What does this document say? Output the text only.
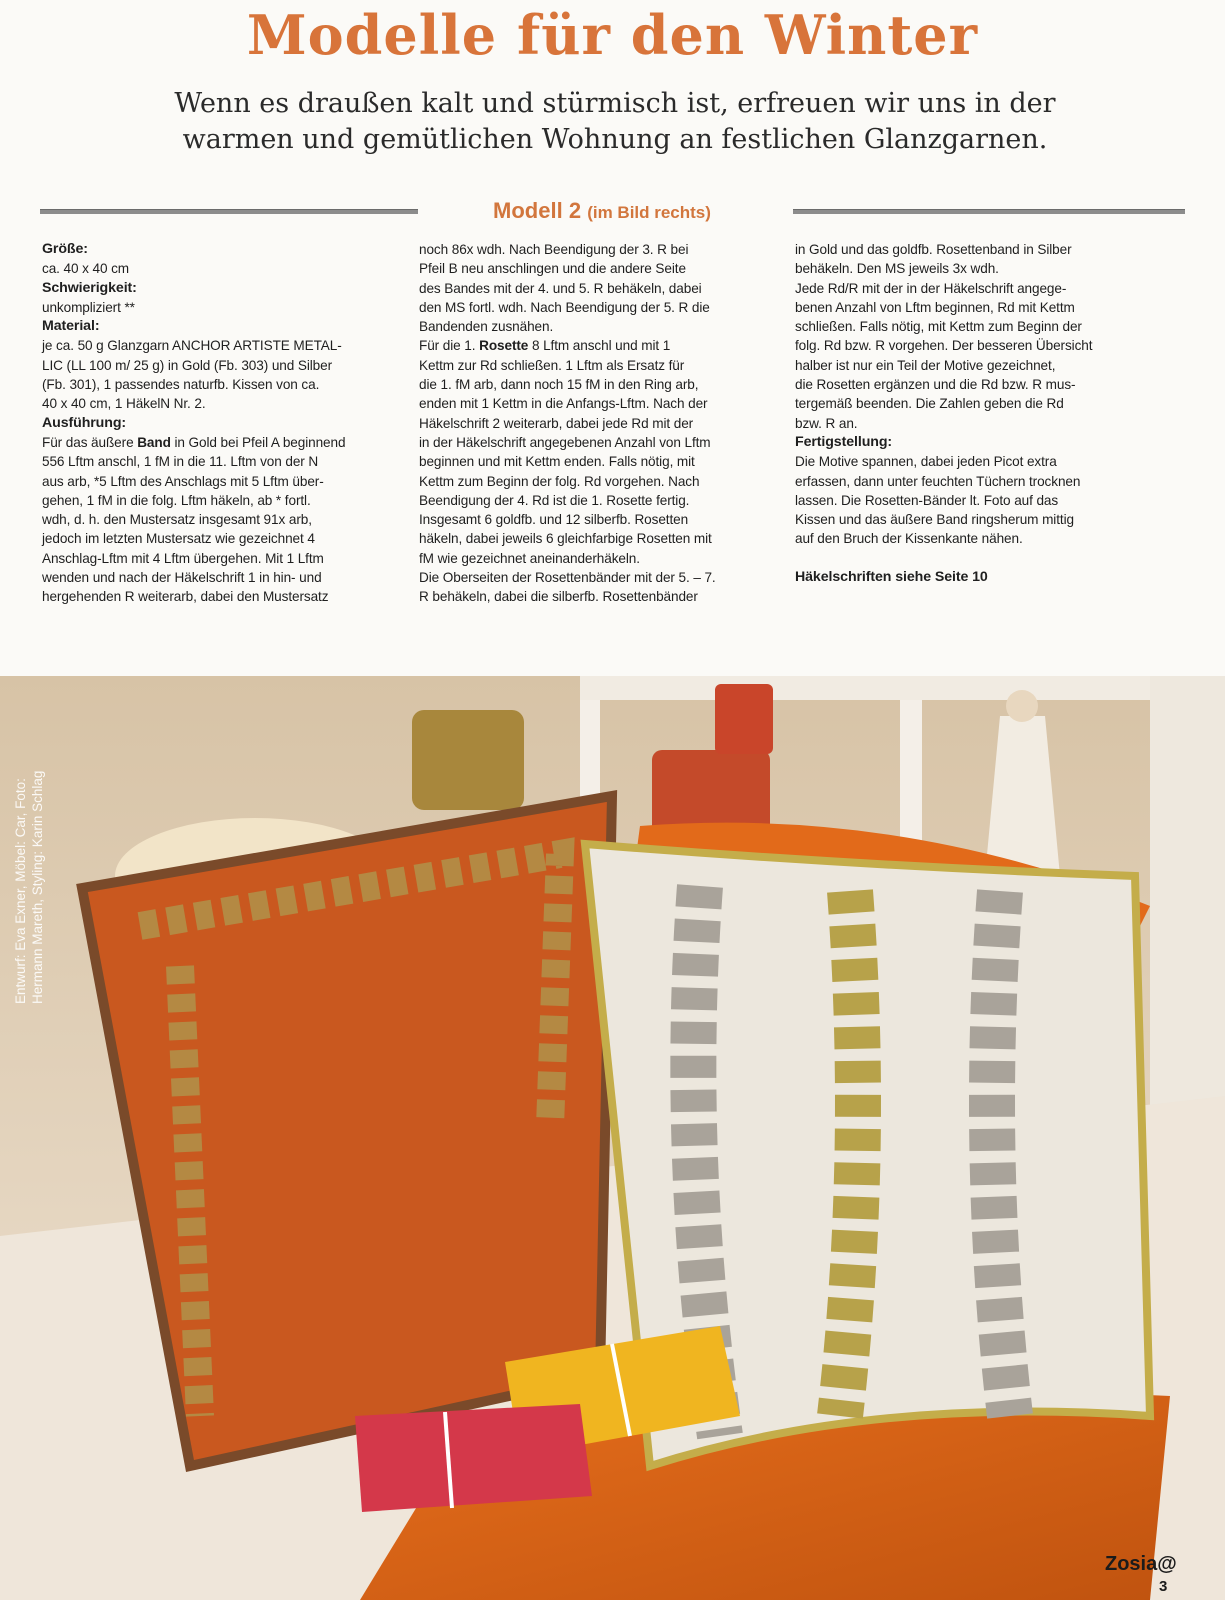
Modelle für den Winter
Wenn es draußen kalt und stürmisch ist, erfreuen wir uns in der
warmen und gemütlichen Wohnung an festlichen Glanzgarnen.
Modell 2 (im Bild rechts)

Größe:

ca. 40 x 40 cm

Schwierigkeit:

unkompliziert **

Material:

je ca. 50 g Glanzgarn ANCHOR ARTISTE METAL-

LIC (LL 100 m/ 25 g) in Gold (Fb. 303) und Silber

(Fb. 301), 1 passendes naturfb. Kissen von ca.

40 x 40 cm, 1 HäkelN Nr. 2.

Ausführung:

Für das äußere Band in Gold bei Pfeil A beginnend

556 Lftm anschl, 1 fM in die 11. Lftm von der N

aus arb, *5 Lftm des Anschlags mit 5 Lftm über-

gehen, 1 fM in die folg. Lftm häkeln, ab * fortl.

wdh, d. h. den Mustersatz insgesamt 91x arb,

jedoch im letzten Mustersatz wie gezeichnet 4

Anschlag-Lftm mit 4 Lftm übergehen. Mit 1 Lftm

wenden und nach der Häkelschrift 1 in hin- und

hergehenden R weiterarb, dabei den Mustersatz

noch 86x wdh. Nach Beendigung der 3. R bei

Pfeil B neu anschlingen und die andere Seite

des Bandes mit der 4. und 5. R behäkeln, dabei

den MS fortl. wdh. Nach Beendigung der 5. R die

Bandenden zusnähen.

Für die 1. Rosette 8 Lftm anschl und mit 1

Kettm zur Rd schließen. 1 Lftm als Ersatz für

die 1. fM arb, dann noch 15 fM in den Ring arb,

enden mit 1 Kettm in die Anfangs-Lftm. Nach der

Häkelschrift 2 weiterarb, dabei jede Rd mit der

in der Häkelschrift angegebenen Anzahl von Lftm

beginnen und mit Kettm enden. Falls nötig, mit

Kettm zum Beginn der folg. Rd vorgehen. Nach

Beendigung der 4. Rd ist die 1. Rosette fertig.

Insgesamt 6 goldfb. und 12 silberfb. Rosetten

häkeln, dabei jeweils 6 gleichfarbige Rosetten mit

fM wie gezeichnet aneinanderhäkeln.

Die Oberseiten der Rosettenbänder mit der 5. – 7.

R behäkeln, dabei die silberfb. Rosettenbänder

in Gold und das goldfb. Rosettenband in Silber

behäkeln. Den MS jeweils 3x wdh.

Jede Rd/R mit der in der Häkelschrift angege-

benen Anzahl von Lftm beginnen, Rd mit Kettm

schließen. Falls nötig, mit Kettm zum Beginn der

folg. Rd bzw. R vorgehen. Der besseren Übersicht

halber ist nur ein Teil der Motive gezeichnet,

die Rosetten ergänzen und die Rd bzw. R mus-

tergemäß beenden. Die Zahlen geben die Rd

bzw. R an.

Fertigstellung:

Die Motive spannen, dabei jeden Picot extra

erfassen, dann unter feuchten Tüchern trocknen

lassen. Die Rosetten-Bänder lt. Foto auf das

Kissen und das äußere Band ringsherum mittig

auf den Bruch der Kissenkante nähen.

Häkelschriften siehe Seite 10

Zosia@
3
